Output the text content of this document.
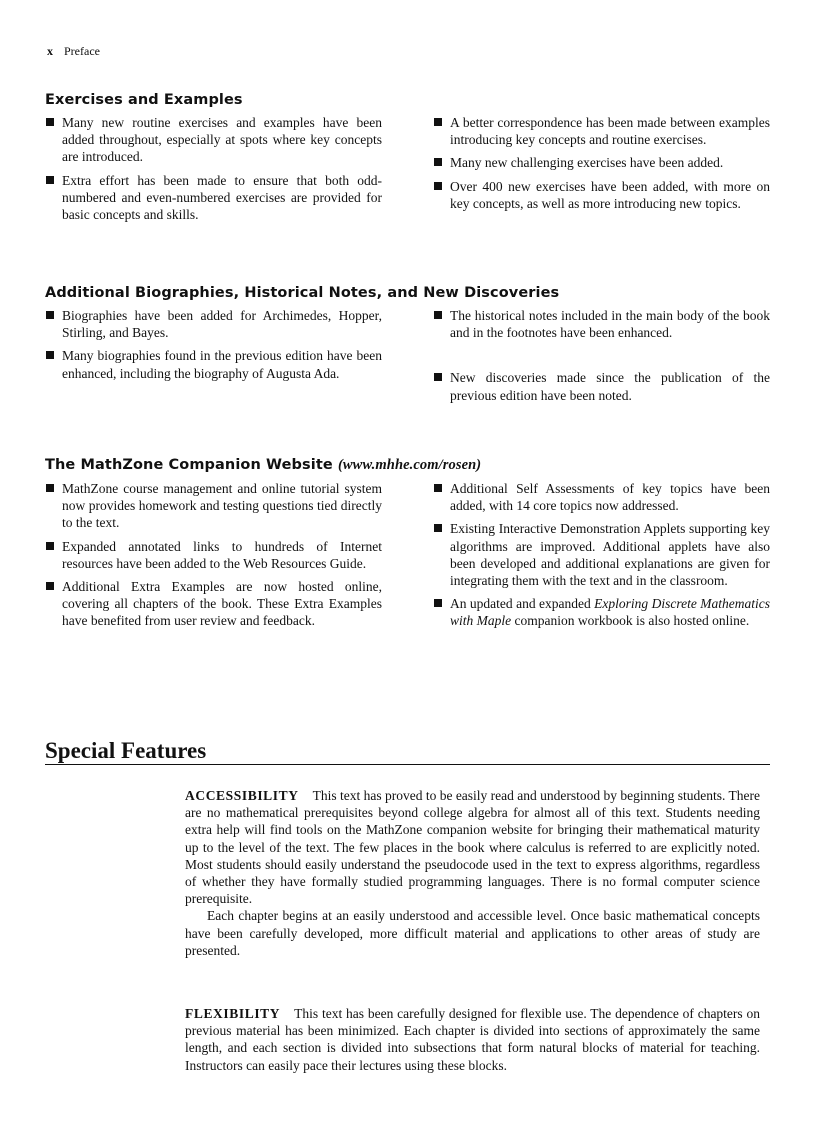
x Preface
Exercises and Examples
Many new routine exercises and examples have been added throughout, especially at spots where key concepts are introduced.
Extra effort has been made to ensure that both odd-numbered and even-numbered exercises are provided for basic concepts and skills.
A better correspondence has been made between examples introducing key concepts and routine exercises.
Many new challenging exercises have been added.
Over 400 new exercises have been added, with more on key concepts, as well as more introducing new topics.
Additional Biographies, Historical Notes, and New Discoveries
Biographies have been added for Archimedes, Hopper, Stirling, and Bayes.
Many biographies found in the previous edition have been enhanced, including the biography of Augusta Ada.
The historical notes included in the main body of the book and in the footnotes have been enhanced.
New discoveries made since the publication of the previous edition have been noted.
The MathZone Companion Website (www.mhhe.com/rosen)
MathZone course management and online tutorial system now provides homework and testing questions tied directly to the text.
Expanded annotated links to hundreds of Internet resources have been added to the Web Resources Guide.
Additional Extra Examples are now hosted online, covering all chapters of the book. These Extra Examples have benefited from user review and feedback.
Additional Self Assessments of key topics have been added, with 14 core topics now addressed.
Existing Interactive Demonstration Applets supporting key algorithms are improved. Additional applets have also been developed and additional explanations are given for integrating them with the text and in the classroom.
An updated and expanded Exploring Discrete Mathematics with Maple companion workbook is also hosted online.
Special Features

ACCESSIBILITY This text has proved to be easily read and understood by beginning students. There are no mathematical prerequisites beyond college algebra for almost all of this text. Students needing extra help will find tools on the MathZone companion website for bringing their mathematical maturity up to the level of the text. The few places in the book where calculus is referred to are explicitly noted. Most students should easily understand the pseudocode used in the text to express algorithms, regardless of whether they have formally studied programming languages. There is no formal computer science prerequisite.

Each chapter begins at an easily understood and accessible level. Once basic mathematical concepts have been carefully developed, more difficult material and applications to other areas of study are presented.

FLEXIBILITY This text has been carefully designed for flexible use. The dependence of chapters on previous material has been minimized. Each chapter is divided into sections of approximately the same length, and each section is divided into subsections that form natural blocks of material for teaching. Instructors can easily pace their lectures using these blocks.
